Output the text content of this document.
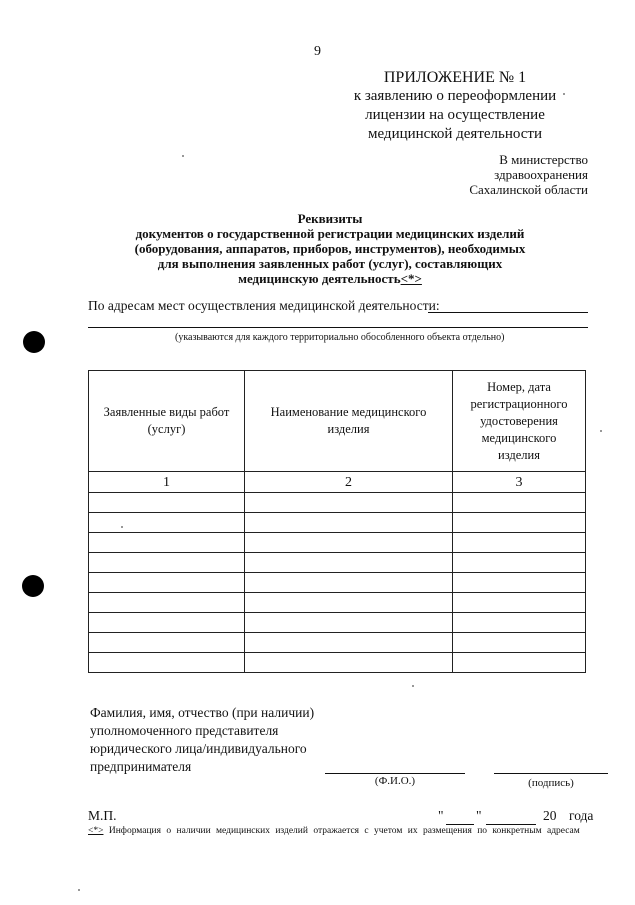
9
ПРИЛОЖЕНИЕ № 1
к заявлению о переоформлении
лицензии на осуществление
медицинской деятельности
В министерство
здравоохранения
Сахалинской области
Реквизиты
документов о государственной регистрации медицинских изделий
(оборудования, аппаратов, приборов, инструментов), необходимых
для выполнения заявленных работ (услуг), составляющих
медицинскую деятельность<*>
По адресам мест осуществления медицинской деятельности:
(указываются для каждого территориально обособленного объекта отдельно)
Заявленные виды работ (услуг)	Наименование медицинского изделия	Номер, дата регистрационного удостоверения медицинского изделия
1	2	3

Фамилия, имя, отчество (при наличии)
уполномоченного представителя
юридического лица/индивидуального
предпринимателя
(Ф.И.О.)	(подпись)
М.П.	" "	20 года
<*> Информация о наличии медицинских изделий отражается с учетом их размещения по конкретным адресам
